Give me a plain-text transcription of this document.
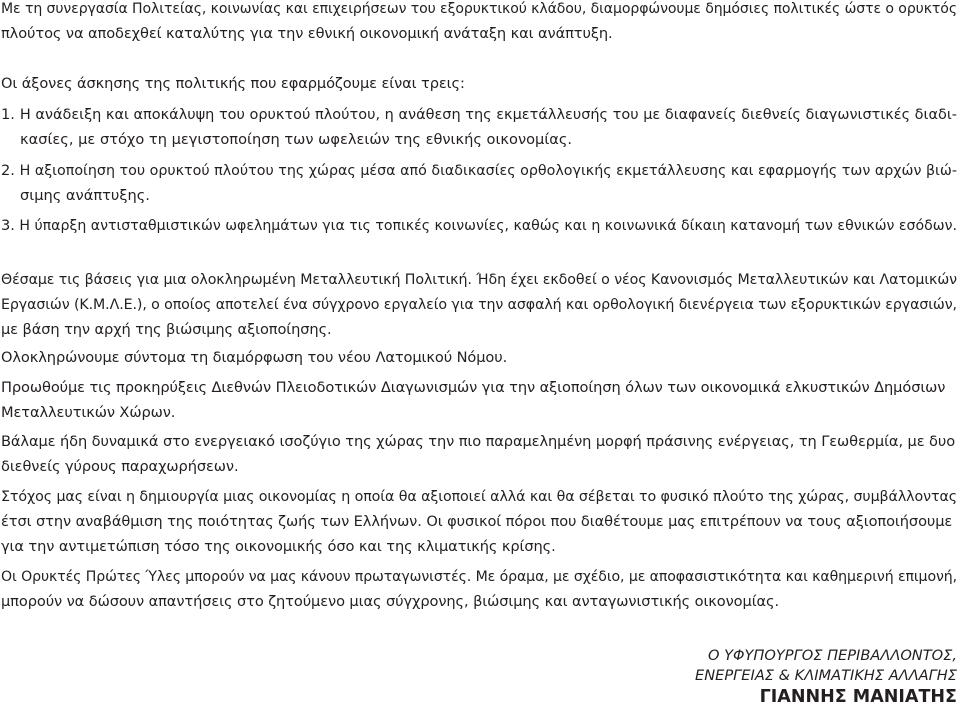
Με τη συνεργασία Πολιτείας, κοινωνίας και επιχειρήσεων του εξορυκτικού κλάδου, διαμορφώνουμε δημόσιες πολιτικές ώστε ο ορυκτός
πλούτος να αποδεχθεί καταλύτης για την εθνική οικονομική ανάταξη και ανάπτυξη.

Οι άξονες άσκησης της πολιτικής που εφαρμόζουμε είναι τρεις:

1. Η ανάδειξη και αποκάλυψη του ορυκτού πλούτου, η ανάθεση της εκμετάλλευσής του με διαφανείς διεθνείς διαγωνιστικές διαδι-
κασίες, με στόχο τη μεγιστοποίηση των ωφελειών της εθνικής οικονομίας.
2. Η αξιοποίηση του ορυκτού πλούτου της χώρας μέσα από διαδικασίες ορθολογικής εκμετάλλευσης και εφαρμογής των αρχών βιώ-
σιμης ανάπτυξης.
3. Η ύπαρξη αντισταθμιστικών ωφελημάτων για τις τοπικές κοινωνίες, καθώς και η κοινωνικά δίκαιη κατανομή των εθνικών εσόδων.

Θέσαμε τις βάσεις για μια ολοκληρωμένη Μεταλλευτική Πολιτική. Ήδη έχει εκδοθεί ο νέος Κανονισμός Μεταλλευτικών και Λατομικών
Εργασιών (Κ.Μ.Λ.Ε.), ο οποίος αποτελεί ένα σύγχρονο εργαλείο για την ασφαλή και ορθολογική διενέργεια των εξορυκτικών εργασιών,
με βάση την αρχή της βιώσιμης αξιοποίησης.

Ολοκληρώνουμε σύντομα τη διαμόρφωση του νέου Λατομικού Νόμου.

Προωθούμε τις προκηρύξεις Διεθνών Πλειοδοτικών Διαγωνισμών για την αξιοποίηση όλων των οικονομικά ελκυστικών Δημόσιων
Μεταλλευτικών Χώρων.

Βάλαμε ήδη δυναμικά στο ενεργειακό ισοζύγιο της χώρας την πιο παραμελημένη μορφή πράσινης ενέργειας, τη Γεωθερμία, με δυο
διεθνείς γύρους παραχωρήσεων.

Στόχος μας είναι η δημιουργία μιας οικονομίας η οποία θα αξιοποιεί αλλά και θα σέβεται το φυσικό πλούτο της χώρας, συμβάλλοντας
έτσι στην αναβάθμιση της ποιότητας ζωής των Ελλήνων. Οι φυσικοί πόροι που διαθέτουμε μας επιτρέπουν να τους αξιοποιήσουμε
για την αντιμετώπιση τόσο της οικονομικής όσο και της κλιματικής κρίσης.

Οι Ορυκτές Πρώτες Ύλες μπορούν να μας κάνουν πρωταγωνιστές. Με όραμα, με σχέδιο, με αποφασιστικότητα και καθημερινή επιμονή,
μπορούν να δώσουν απαντήσεις στο ζητούμενο μιας σύγχρονης, βιώσιμης και ανταγωνιστικής οικονομίας.

Ο ΥΦΥΠΟΥΡΓΟΣ ΠΕΡΙΒΑΛΛΟΝΤΟΣ,
ΕΝΕΡΓΕΙΑΣ & ΚΛΙΜΑΤΙΚΗΣ ΑΛΛΑΓΗΣ
ΓΙΑΝΝΗΣ ΜΑΝΙΑΤΗΣ
